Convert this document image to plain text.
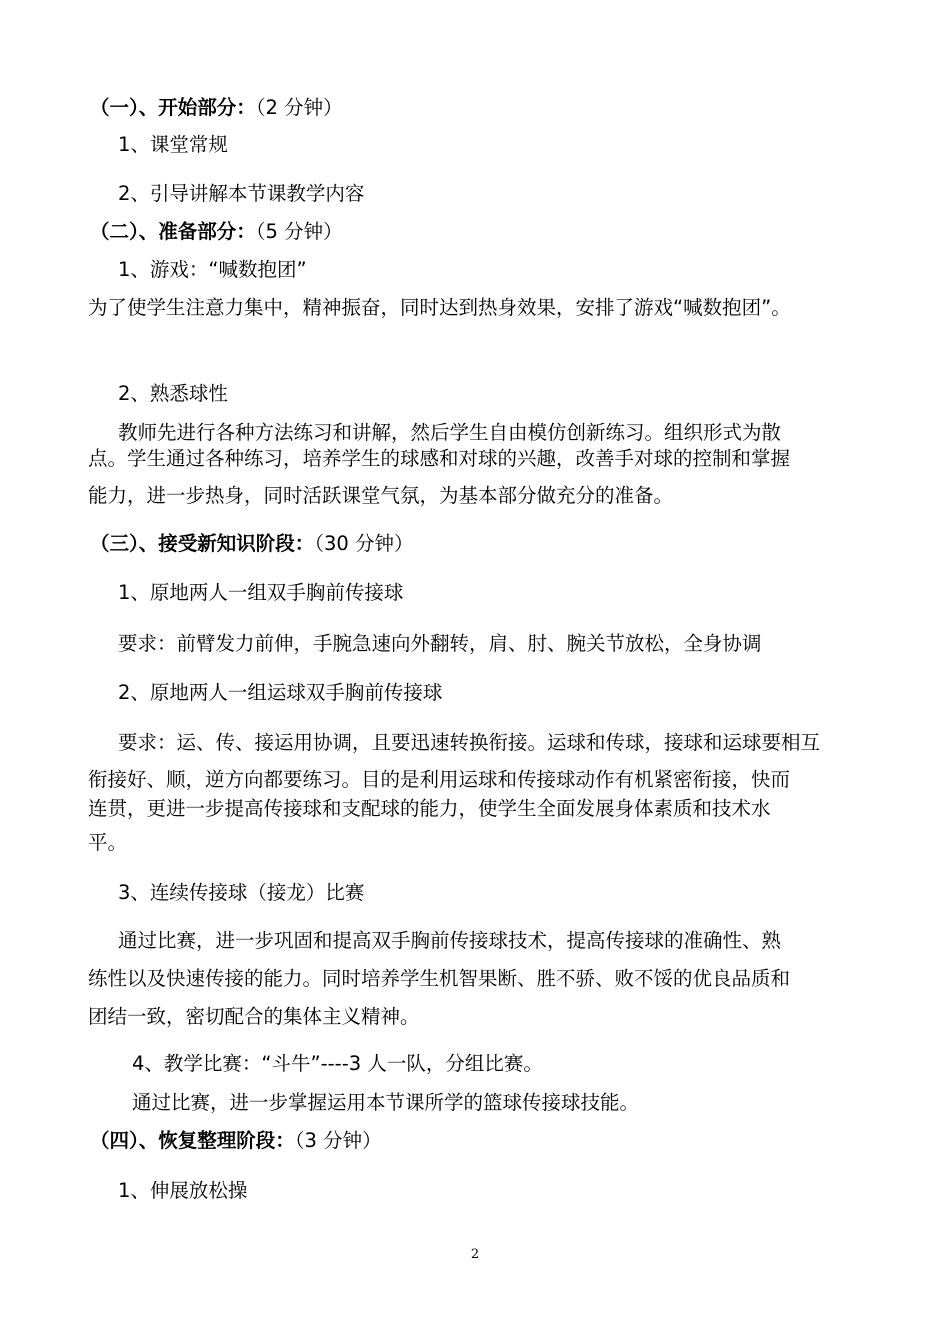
（一）、开始部分：（2 分钟）
1、课堂常规
2、引导讲解本节课教学内容
（二）、准备部分：（5 分钟）
1、游戏：“喊数抱团”
为了使学生注意力集中，精神振奋，同时达到热身效果，安排了游戏“喊数抱团”。
2、熟悉球性
教师先进行各种方法练习和讲解，然后学生自由模仿创新练习。组织形式为散
点。学生通过各种练习，培养学生的球感和对球的兴趣，改善手对球的控制和掌握
能力，进一步热身，同时活跃课堂气氛，为基本部分做充分的准备。
（三）、接受新知识阶段：（30 分钟）
1、原地两人一组双手胸前传接球
要求：前臂发力前伸，手腕急速向外翻转，肩、肘、腕关节放松，全身协调
2、原地两人一组运球双手胸前传接球
要求：运、传、接运用协调，且要迅速转换衔接。运球和传球，接球和运球要相互
衔接好、顺，逆方向都要练习。目的是利用运球和传接球动作有机紧密衔接，快而
连贯，更进一步提高传接球和支配球的能力，使学生全面发展身体素质和技术水
平。
3、连续传接球（接龙）比赛
通过比赛，进一步巩固和提高双手胸前传接球技术，提高传接球的准确性、熟
练性以及快速传接的能力。同时培养学生机智果断、胜不骄、败不馁的优良品质和
团结一致，密切配合的集体主义精神。
4、教学比赛：“斗牛”----3 人一队，分组比赛。
通过比赛，进一步掌握运用本节课所学的篮球传接球技能。
（四）、恢复整理阶段：（3 分钟）
1、伸展放松操
2
